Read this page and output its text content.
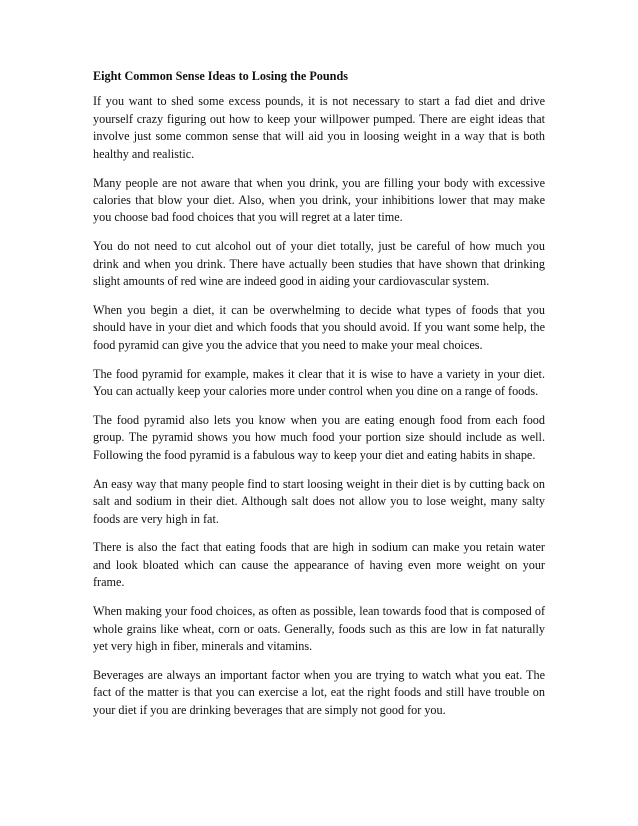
Eight Common Sense Ideas to Losing the Pounds

If you want to shed some excess pounds, it is not necessary to start a fad diet and drive yourself crazy figuring out how to keep your willpower pumped. There are eight ideas that involve just some common sense that will aid you in loosing weight in a way that is both healthy and realistic.

Many people are not aware that when you drink, you are filling your body with excessive calories that blow your diet. Also, when you drink, your inhibitions lower that may make you choose bad food choices that you will regret at a later time.

You do not need to cut alcohol out of your diet totally, just be careful of how much you drink and when you drink. There have actually been studies that have shown that drinking slight amounts of red wine are indeed good in aiding your cardiovascular system.

When you begin a diet, it can be overwhelming to decide what types of foods that you should have in your diet and which foods that you should avoid. If you want some help, the food pyramid can give you the advice that you need to make your meal choices.

The food pyramid for example, makes it clear that it is wise to have a variety in your diet. You can actually keep your calories more under control when you dine on a range of foods.

The food pyramid also lets you know when you are eating enough food from each food group. The pyramid shows you how much food your portion size should include as well. Following the food pyramid is a fabulous way to keep your diet and eating habits in shape.

An easy way that many people find to start loosing weight in their diet is by cutting back on salt and sodium in their diet. Although salt does not allow you to lose weight, many salty foods are very high in fat.

There is also the fact that eating foods that are high in sodium can make you retain water and look bloated which can cause the appearance of having even more weight on your frame.

When making your food choices, as often as possible, lean towards food that is composed of whole grains like wheat, corn or oats. Generally, foods such as this are low in fat naturally yet very high in fiber, minerals and vitamins.

Beverages are always an important factor when you are trying to watch what you eat. The fact of the matter is that you can exercise a lot, eat the right foods and still have trouble on your diet if you are drinking beverages that are simply not good for you.
